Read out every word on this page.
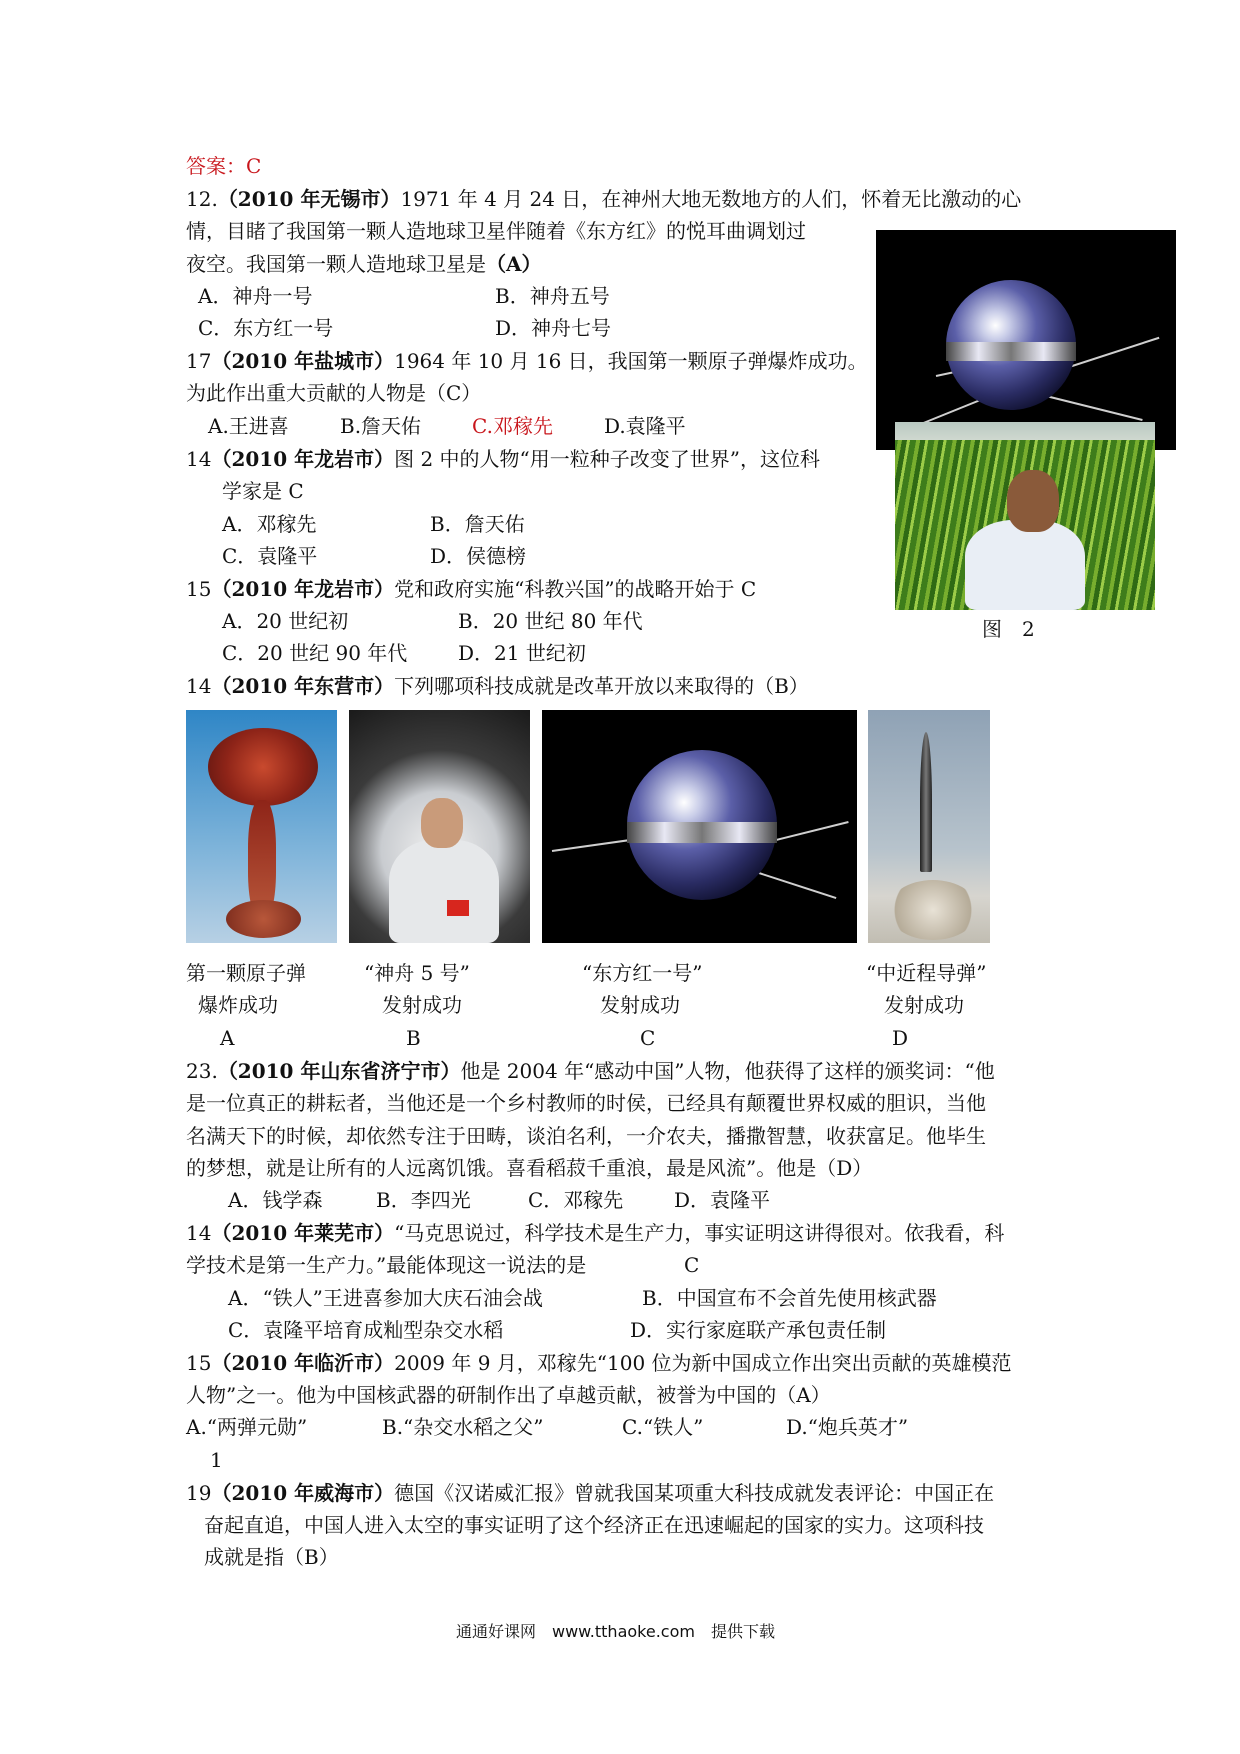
答案：C
12.（2010 年无锡市）1971 年 4 月 24 日，在神州大地无数地方的人们，怀着无比激动的心
情，目睹了我国第一颗人造地球卫星伴随着《东方红》的悦耳曲调划过
夜空。我国第一颗人造地球卫星是（A）
A．神舟一号	B．神舟五号
C．东方红一号	D．神舟七号
17（2010 年盐城市）1964 年 10 月 16 日，我国第一颗原子弹爆炸成功。
为此作出重大贡献的人物是（C）
A.王进喜	B.詹天佑	C.邓稼先	D.袁隆平
14（2010 年龙岩市）图 2 中的人物“用一粒种子改变了世界”，这位科
学家是 C
A．邓稼先	B．詹天佑
C．袁隆平	D．侯德榜
15（2010 年龙岩市）党和政府实施“科教兴国”的战略开始于 C
A．20 世纪初	B．20 世纪 80 年代
C．20 世纪 90 年代	D．21 世纪初
14（2010 年东营市）下列哪项科技成就是改革开放以来取得的（B）
图　2
第一颗原子弹
爆炸成功
A
“神舟 5 号”
发射成功
B
“东方红一号”
发射成功
C
“中近程导弹”
发射成功
D
23.（2010 年山东省济宁市）他是 2004 年“感动中国”人物，他获得了这样的颁奖词：“他
是一位真正的耕耘者，当他还是一个乡村教师的时侯，已经具有颠覆世界权威的胆识，当他
名满天下的时候，却依然专注于田畴，谈泊名利，一介农夫，播撒智慧，收获富足。他毕生
的梦想，就是让所有的人远离饥饿。喜看稻菽千重浪，最是风流”。他是（D）
A．钱学森	B．李四光	C．邓稼先	D．袁隆平
14（2010 年莱芜市）“马克思说过，科学技术是生产力，事实证明这讲得很对。依我看，科
学技术是第一生产力。”最能体现这一说法的是	C
A．“铁人”王进喜参加大庆石油会战	B．中国宣布不会首先使用核武器
C．袁隆平培育成籼型杂交水稻	D．实行家庭联产承包责任制
15（2010 年临沂市）2009 年 9 月，邓稼先“100 位为新中国成立作出突出贡献的英雄模范
人物”之一。他为中国核武器的研制作出了卓越贡献，被誉为中国的（A）
A.“两弹元勋”	B.“杂交水稻之父”	C.“铁人”	D.“炮兵英才”
1
19（2010 年威海市）德国《汉诺威汇报》曾就我国某项重大科技成就发表评论：中国正在
奋起直追，中国人进入太空的事实证明了这个经济正在迅速崛起的国家的实力。这项科技
成就是指（B）
通通好课网　www.tthaoke.com　提供下载
